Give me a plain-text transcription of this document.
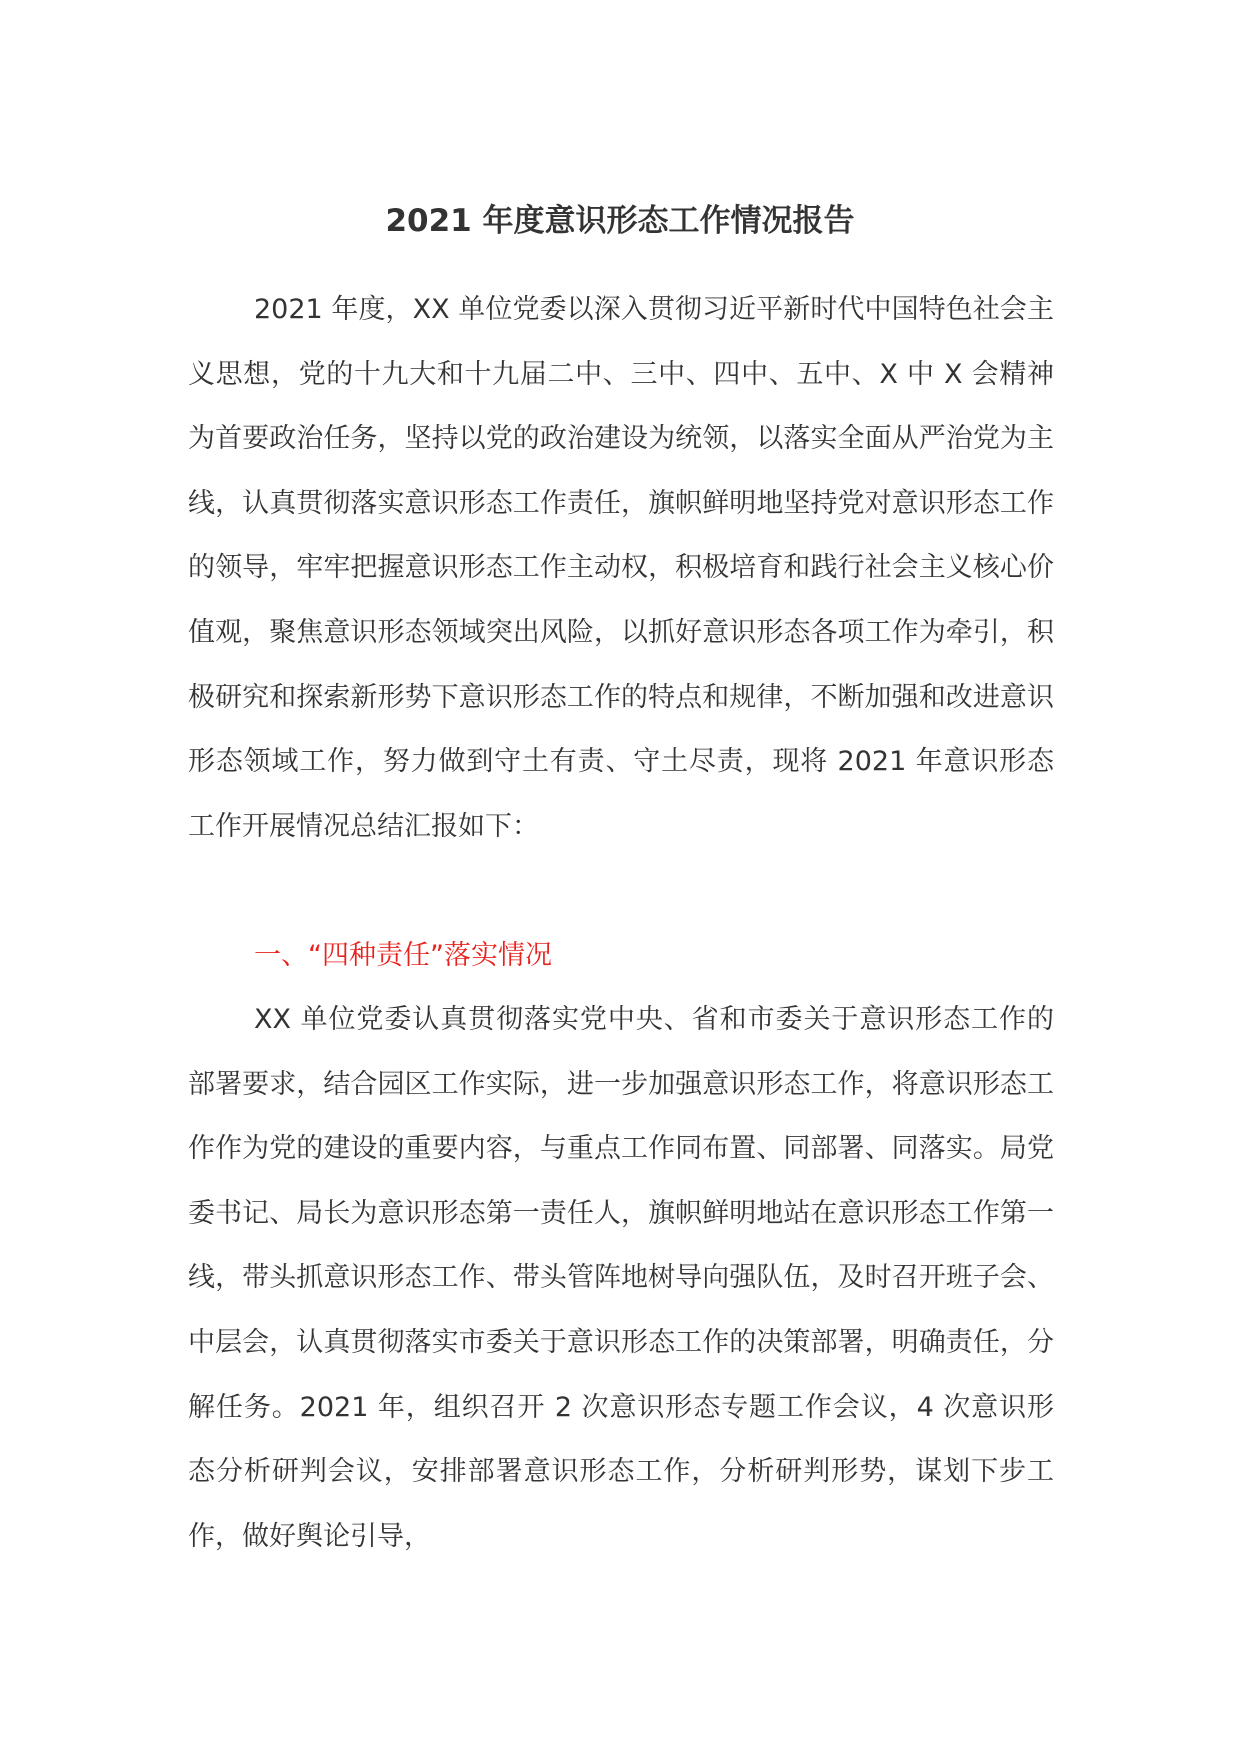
2021 年度意识形态工作情况报告

2021 年度，XX 单位党委以深入贯彻习近平新时代中国特色社会主义思想，党的十九大和十九届二中、三中、四中、五中、X 中 X 会精神为首要政治任务，坚持以党的政治建设为统领，以落实全面从严治党为主线，认真贯彻落实意识形态工作责任，旗帜鲜明地坚持党对意识形态工作的领导，牢牢把握意识形态工作主动权，积极培育和践行社会主义核心价值观，聚焦意识形态领域突出风险，以抓好意识形态各项工作为牵引，积极研究和探索新形势下意识形态工作的特点和规律，不断加强和改进意识形态领域工作，努力做到守土有责、守土尽责，现将 2021 年意识形态工作开展情况总结汇报如下：

一、“四种责任”落实情况

XX 单位党委认真贯彻落实党中央、省和市委关于意识形态工作的部署要求，结合园区工作实际，进一步加强意识形态工作，将意识形态工作作为党的建设的重要内容，与重点工作同布置、同部署、同落实。局党委书记、局长为意识形态第一责任人，旗帜鲜明地站在意识形态工作第一线，带头抓意识形态工作、带头管阵地树导向强队伍，及时召开班子会、中层会，认真贯彻落实市委关于意识形态工作的决策部署，明确责任，分解任务。2021 年，组织召开 2 次意识形态专题工作会议，4 次意识形态分析研判会议，安排部署意识形态工作，分析研判形势，谋划下步工作，做好舆论引导，
